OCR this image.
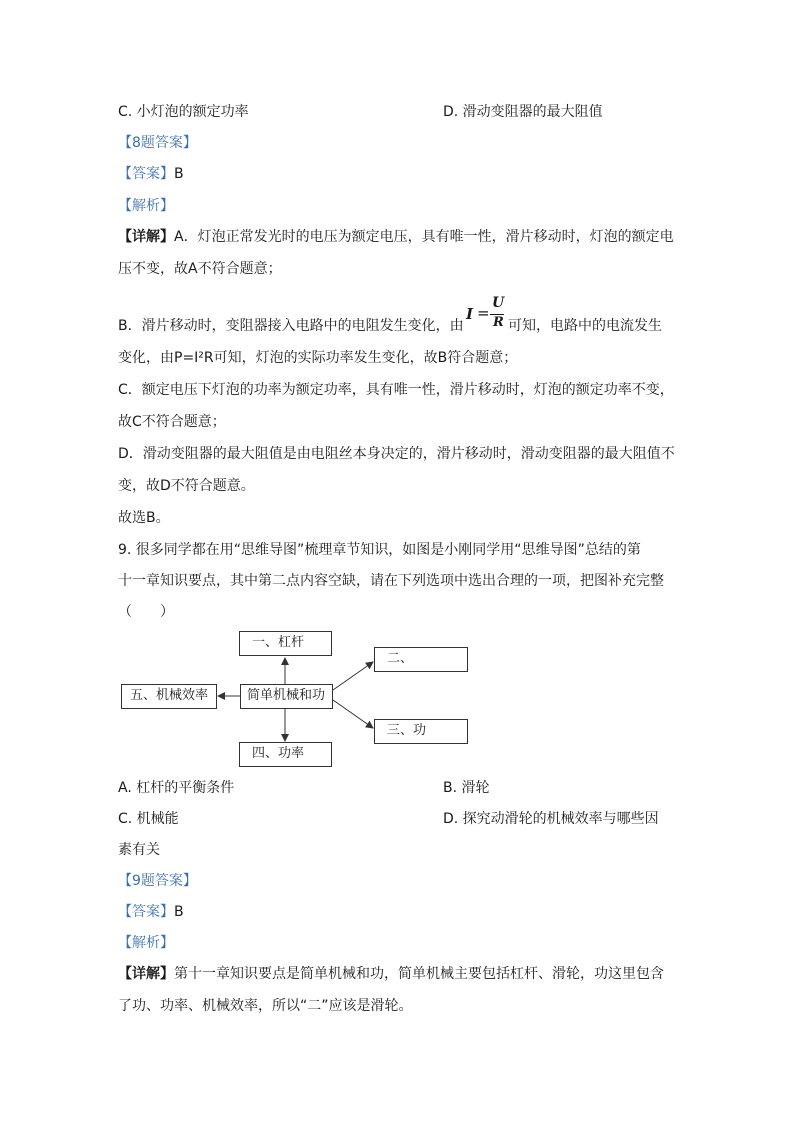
C. 小灯泡的额定功率	D. 滑动变阻器的最大阻值
【8题答案】
【答案】B
【解析】
【详解】A．灯泡正常发光时的电压为额定电压，具有唯一性，滑片移动时，灯泡的额定电
压不变，故A不符合题意；
B．滑片移动时，变阻器接入电路中的电阻发生变化，由
I =
U
R 可知，电路中的电流发生
变化，由P=I²R可知，灯泡的实际功率发生变化，故B符合题意；
C．额定电压下灯泡的功率为额定功率，具有唯一性，滑片移动时，灯泡的额定功率不变，
故C不符合题意；
D．滑动变阻器的最大阻值是由电阻丝本身决定的，滑片移动时，滑动变阻器的最大阻值不
变，故D不符合题意。
故选B。
9. 很多同学都在用“思维导图”梳理章节知识，如图是小刚同学用“思维导图”总结的第
十一章知识要点，其中第二点内容空缺，请在下列选项中选出合理的一项，把图补充完整
（　　）
一、杠杆
二、
简单机械和功
五、机械效率
三、功
四、功率
A. 杠杆的平衡条件	B. 滑轮
C. 机械能	D. 探究动滑轮的机械效率与哪些因
素有关
【9题答案】
【答案】B
【解析】
【详解】第十一章知识要点是简单机械和功，简单机械主要包括杠杆、滑轮，功这里包含
了功、功率、机械效率，所以“二”应该是滑轮。
